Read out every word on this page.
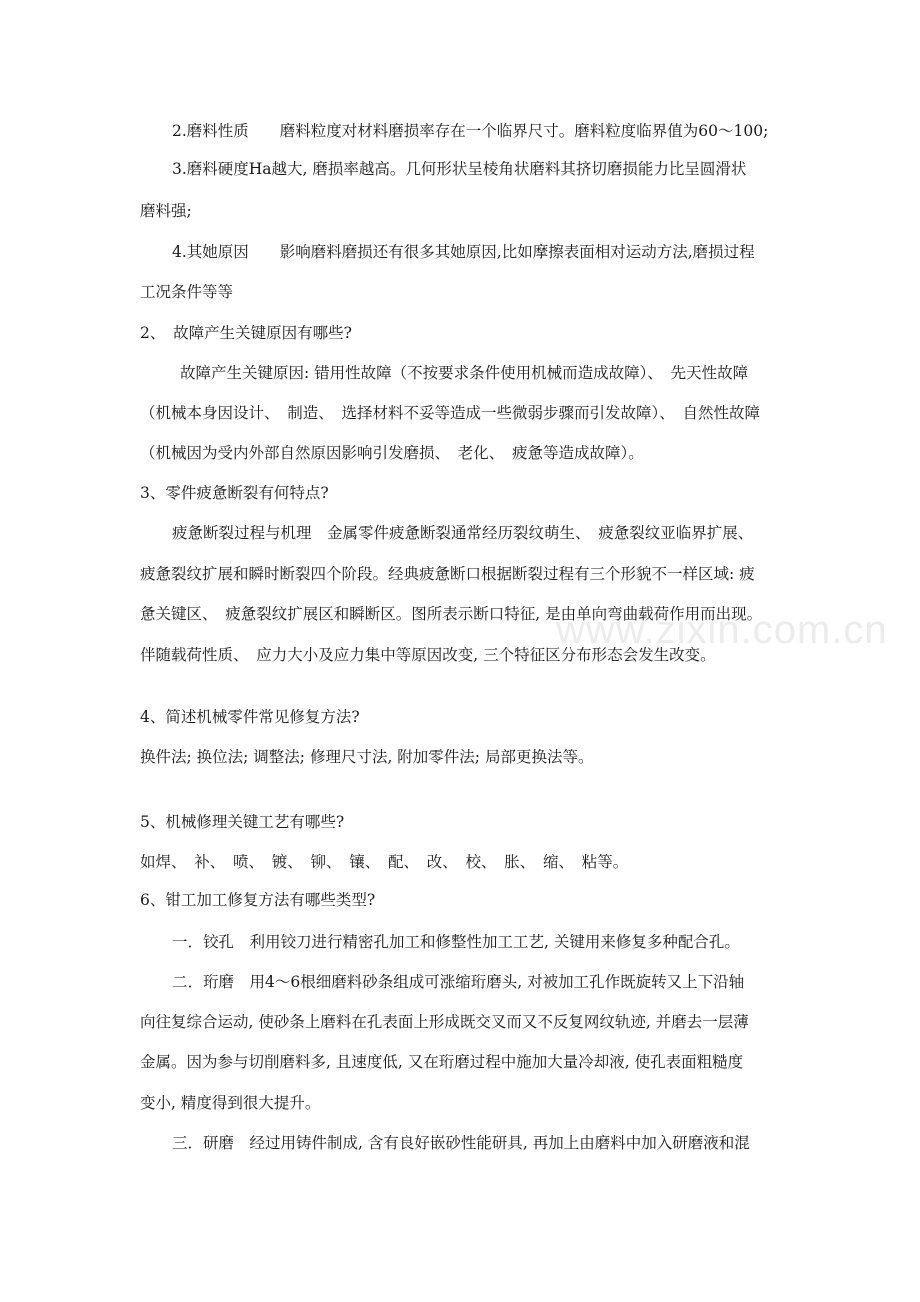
www.zixin.com.cn
2.磨料性质　　磨料粒度对材料磨损率存在一个临界尺寸。磨料粒度临界值为60～100;
3.磨料硬度Ha越大, 磨损率越高。几何形状呈棱角状磨料其挤切磨损能力比呈圆滑状
磨料强;
4.其她原因　　影响磨料磨损还有很多其她原因,比如摩擦表面相对运动方法,磨损过程
工况条件等等
2、　故障产生关键原因有哪些?
故障产生关键原因: 错用性故障（不按要求条件使用机械而造成故障）、　先天性故障
（机械本身因设计、　制造、　选择材料不妥等造成一些微弱步骤而引发故障）、　自然性故障
（机械因为受内外部自然原因影响引发磨损、　老化、　疲惫等造成故障）。
3、零件疲惫断裂有何特点?
疲惫断裂过程与机理　金属零件疲惫断裂通常经历裂纹萌生、　疲惫裂纹亚临界扩展、
疲惫裂纹扩展和瞬时断裂四个阶段。经典疲惫断口根据断裂过程有三个形貌不一样区域: 疲
惫关键区、　疲惫裂纹扩展区和瞬断区。图所表示断口特征, 是由单向弯曲载荷作用而出现。
伴随载荷性质、　应力大小及应力集中等原因改变, 三个特征区分布形态会发生改变。
4、简述机械零件常见修复方法?
换件法; 换位法; 调整法; 修理尺寸法, 附加零件法; 局部更换法等。
5、机械修理关键工艺有哪些?
如焊、　补、　喷、　镀、　铆、　镶、　配、　改、　校、　胀、　缩、　粘等。
6、钳工加工修复方法有哪些类型?
一．铰孔　利用铰刀进行精密孔加工和修整性加工工艺, 关键用来修复多种配合孔。
二．珩磨　用4～6根细磨料砂条组成可涨缩珩磨头, 对被加工孔作既旋转又上下沿轴
向往复综合运动, 使砂条上磨料在孔表面上形成既交叉而又不反复网纹轨迹, 并磨去一层薄
金属。因为参与切削磨料多, 且速度低, 又在珩磨过程中施加大量冷却液, 使孔表面粗糙度
变小, 精度得到很大提升。
三．研磨　经过用铸件制成, 含有良好嵌砂性能研具, 再加上由磨料中加入研磨液和混
